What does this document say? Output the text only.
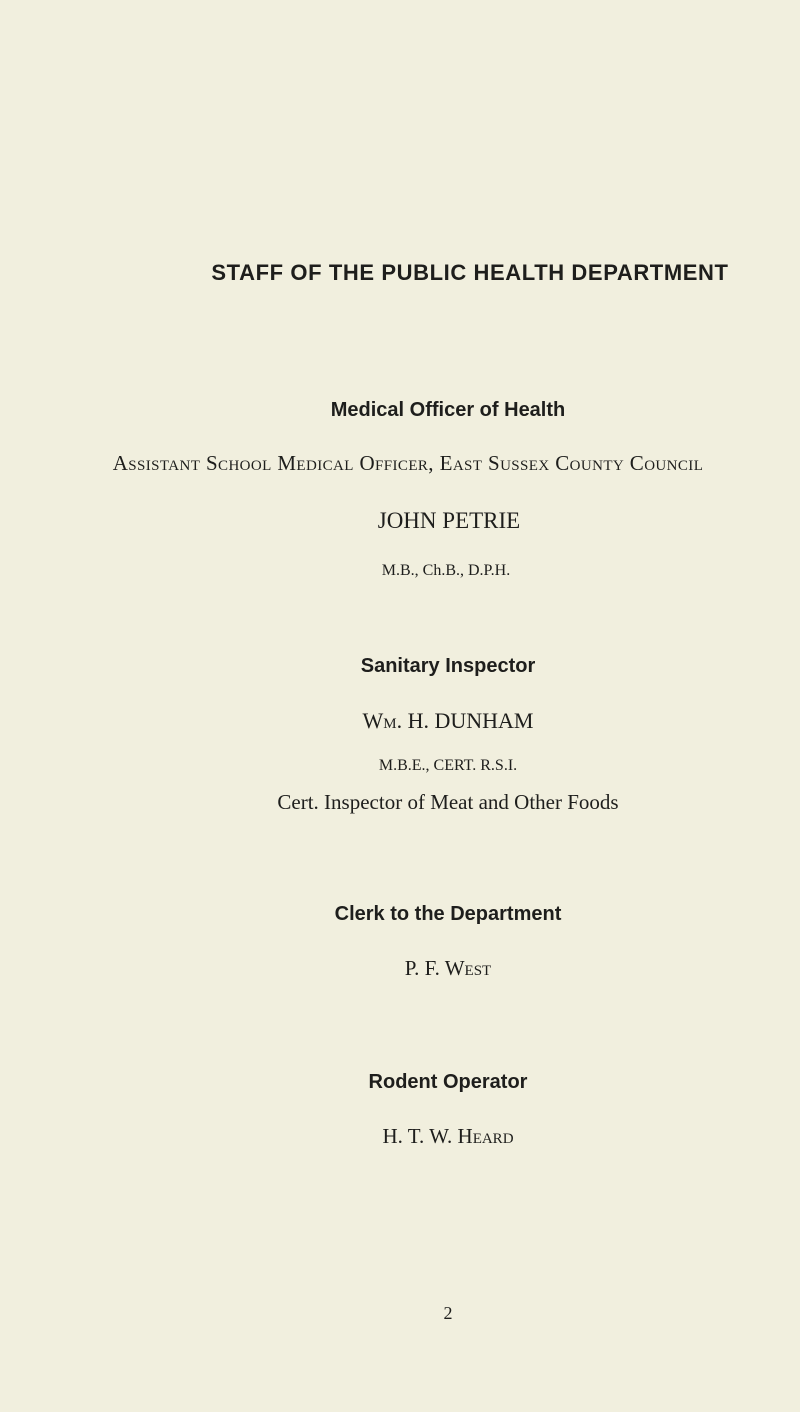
STAFF OF THE PUBLIC HEALTH DEPARTMENT
Medical Officer of Health
Assistant School Medical Officer, East Sussex County Council
JOHN PETRIE
M.B., Ch.B., D.P.H.
Sanitary Inspector
Wm. H. DUNHAM
M.B.E., CERT. R.S.I.
Cert. Inspector of Meat and Other Foods
Clerk to the Department
P. F. West
Rodent Operator
H. T. W. Heard
2
